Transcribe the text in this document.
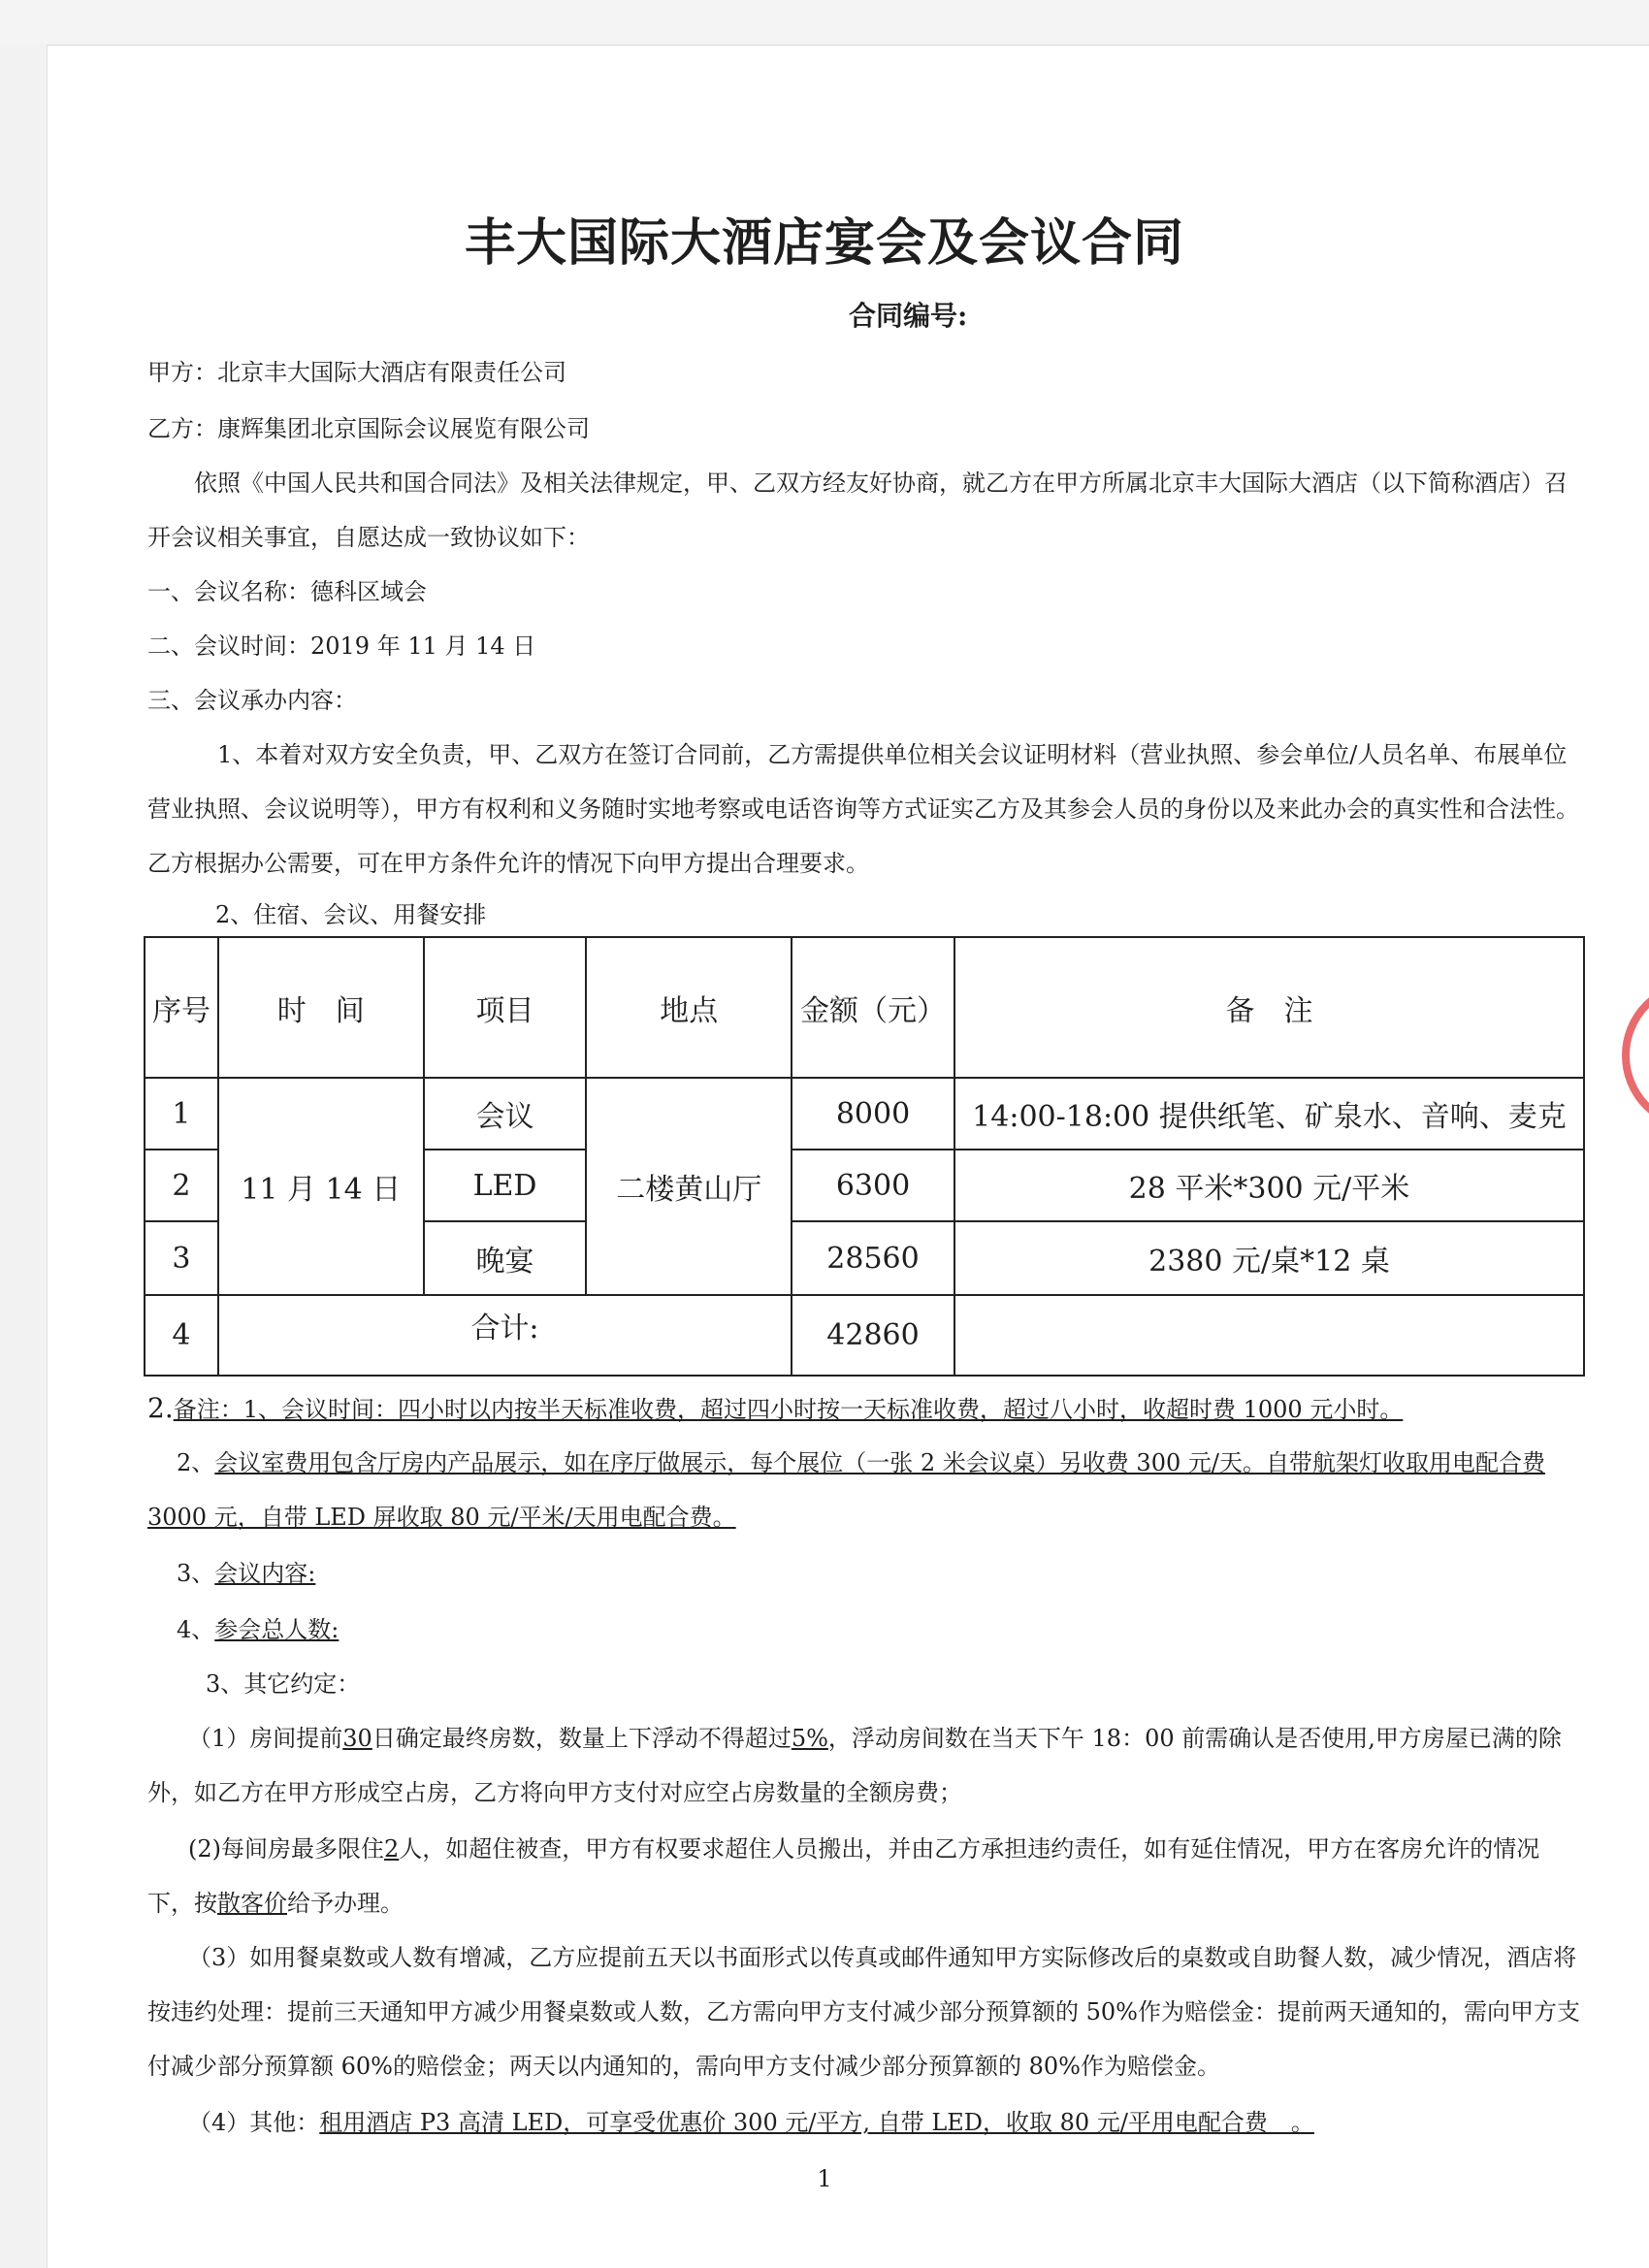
丰大国际大酒店宴会及会议合同
合同编号:
甲方：北京丰大国际大酒店有限责任公司
乙方：康辉集团北京国际会议展览有限公司
依照《中国人民共和国合同法》及相关法律规定，甲、乙双方经友好协商，就乙方在甲方所属北京丰大国际大酒店（以下简称酒店）召开会议相关事宜，自愿达成一致协议如下：
一、会议名称：德科区域会
二、会议时间：2019 年 11 月 14 日
三、会议承办内容：
1、本着对双方安全负责，甲、乙双方在签订合同前，乙方需提供单位相关会议证明材料（营业执照、参会单位/人员名单、布展单位营业执照、会议说明等），甲方有权利和义务随时实地考察或电话咨询等方式证实乙方及其参会人员的身份以及来此办会的真实性和合法性。乙方根据办公需要，可在甲方条件允许的情况下向甲方提出合理要求。
2、住宿、会议、用餐安排
序号	时　间	项目	地点	金额（元）	备　注
1	11 月 14 日	会议	二楼黄山厅	8000	14:00-18:00 提供纸笔、矿泉水、音响、麦克
2		LED		6300	28 平米*300 元/平米
3		晚宴		28560	2380 元/桌*12 桌
4	合计:			42860	
2.备注：1、会议时间：四小时以内按半天标准收费，超过四小时按一天标准收费，超过八小时，收超时费 1000 元小时。
2、会议室费用包含厅房内产品展示，如在序厅做展示，每个展位（一张 2 米会议桌）另收费 300 元/天。自带航架灯收取用电配合费 3000 元，自带 LED 屏收取 80 元/平米/天用电配合费。
3、会议内容:
4、参会总人数:
3、其它约定：
（1）房间提前30日确定最终房数，数量上下浮动不得超过5%，浮动房间数在当天下午 18：00 前需确认是否使用,甲方房屋已满的除外，如乙方在甲方形成空占房，乙方将向甲方支付对应空占房数量的全额房费；
(2)每间房最多限住2人，如超住被查，甲方有权要求超住人员搬出，并由乙方承担违约责任，如有延住情况，甲方在客房允许的情况下，按散客价给予办理。
（3）如用餐桌数或人数有增减，乙方应提前五天以书面形式以传真或邮件通知甲方实际修改后的桌数或自助餐人数，减少情况，酒店将按违约处理：提前三天通知甲方减少用餐桌数或人数，乙方需向甲方支付减少部分预算额的 50%作为赔偿金：提前两天通知的，需向甲方支付减少部分预算额 60%的赔偿金；两天以内通知的，需向甲方支付减少部分预算额的 80%作为赔偿金。
（4）其他：租用酒店 P3 高清 LED，可享受优惠价 300 元/平方, 自带 LED，收取 80 元/平用电配合费　。
1
